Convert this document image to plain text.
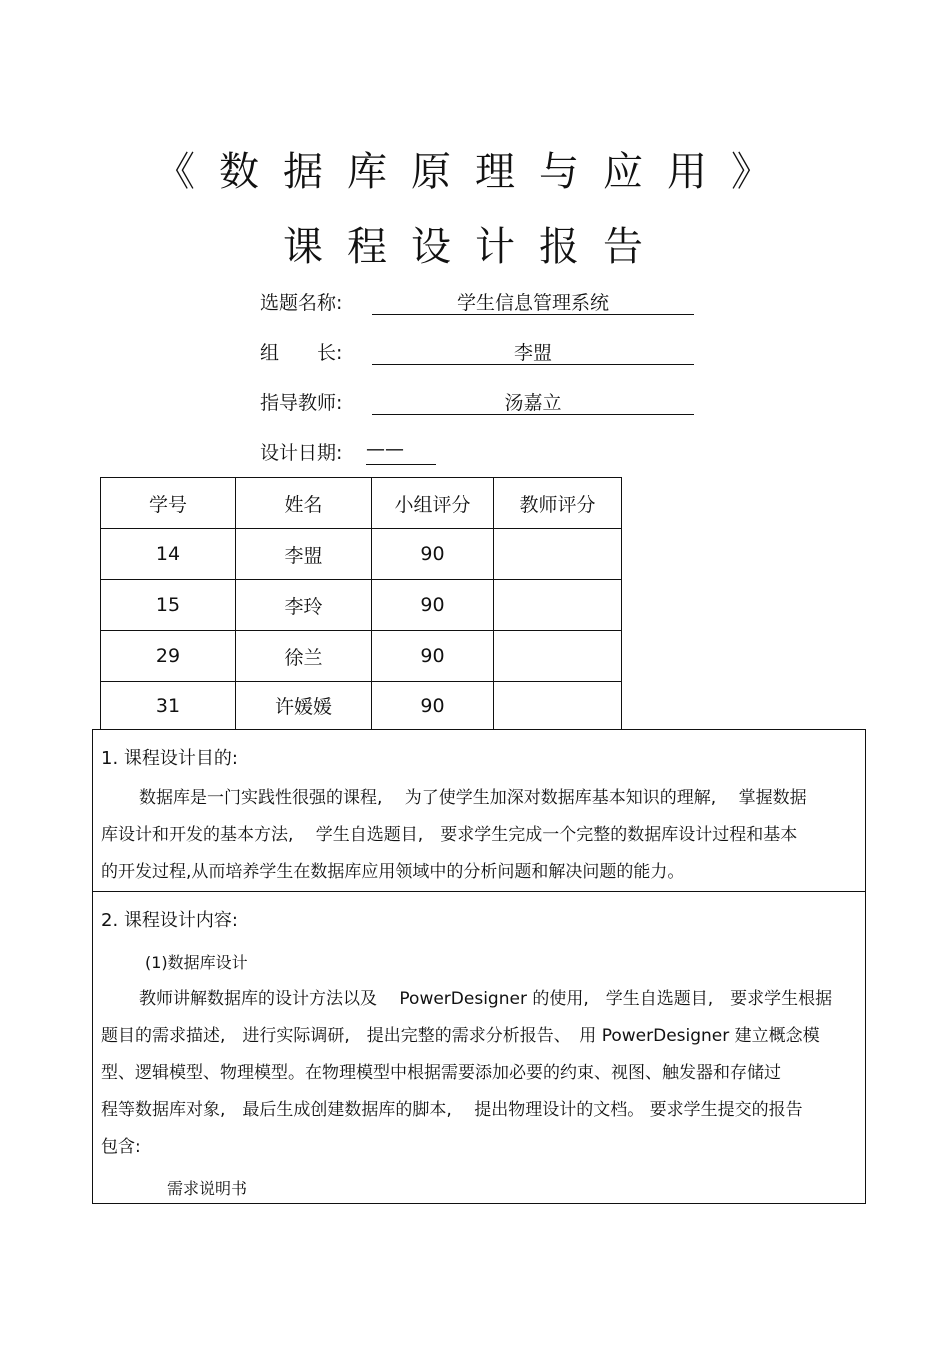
《数据库原理与应用》
课程设计报告
选题名称:	学生信息管理系统
组　　长:	李盟
指导教师:	汤嘉立
设计日期: ——
学号	姓名	小组评分	教师评分
14	李盟	90	
15	李玲	90	
29	徐兰	90	
31	许媛媛	90	
1. 课程设计目的:

数据库是一门实践性很强的课程,　 为了使学生加深对数据库基本知识的理解,　 掌握数据

库设计和开发的基本方法,　 学生自选题目,　要求学生完成一个完整的数据库设计过程和基本

的开发过程,从而培养学生在数据库应用领域中的分析问题和解决问题的能力。

2. 课程设计内容:
(1)数据库设计

教师讲解数据库的设计方法以及　 PowerDesigner 的使用,　学生自选题目,　要求学生根据

题目的需求描述,　进行实际调研,　提出完整的需求分析报告、　用 PowerDesigner 建立概念模

型、逻辑模型、物理模型。在物理模型中根据需要添加必要的约束、视图、触发器和存储过

程等数据库对象,　最后生成创建数据库的脚本,　 提出物理设计的文档。 要求学生提交的报告

包含:

需求说明书
